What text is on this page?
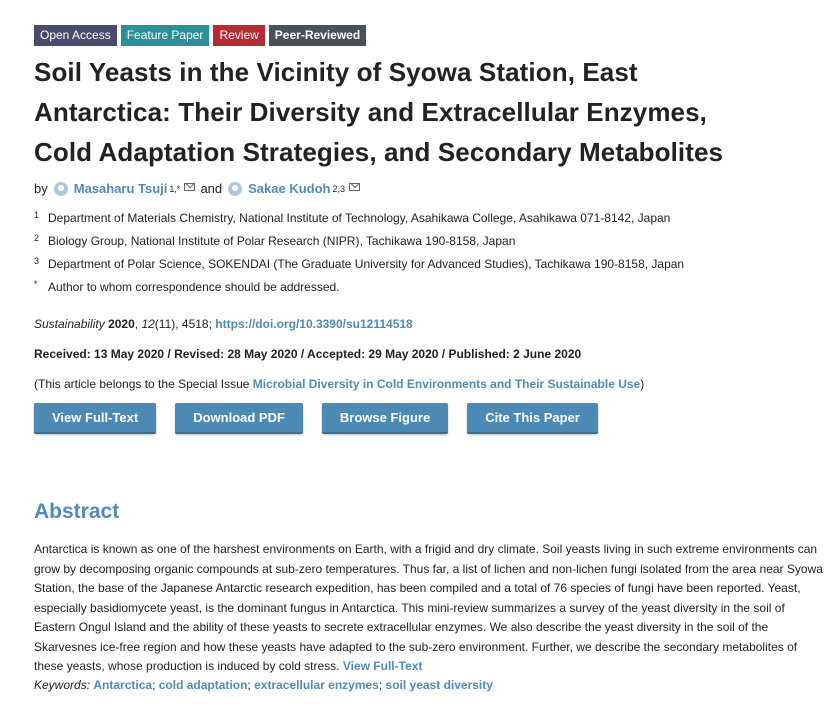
Open Access	Feature Paper	Review	Peer-Reviewed
Soil Yeasts in the Vicinity of Syowa Station, East
Antarctica: Their Diversity and Extracellular Enzymes,
Cold Adaptation Strategies, and Secondary Metabolites
by Masaharu Tsuji 1,* and Sakae Kudoh 2,3
1 Department of Materials Chemistry, National Institute of Technology, Asahikawa College, Asahikawa 071-8142, Japan
2 Biology Group, National Institute of Polar Research (NIPR), Tachikawa 190-8158, Japan
3 Department of Polar Science, SOKENDAI (The Graduate University for Advanced Studies), Tachikawa 190-8158, Japan
* Author to whom correspondence should be addressed.
Sustainability 2020, 12(11), 4518; https://doi.org/10.3390/su12114518
Received: 13 May 2020 / Revised: 28 May 2020 / Accepted: 29 May 2020 / Published: 2 June 2020
(This article belongs to the Special Issue Microbial Diversity in Cold Environments and Their Sustainable Use)
View Full-Text	Download PDF	Browse Figure	Cite This Paper
Abstract

Antarctica is known as one of the harshest environments on Earth, with a frigid and dry climate. Soil yeasts living in such extreme environments can grow by decomposing organic compounds at sub-zero temperatures. Thus far, a list of lichen and non-lichen fungi isolated from the area near Syowa Station, the base of the Japanese Antarctic research expedition, has been compiled and a total of 76 species of fungi have been reported. Yeast, especially basidiomycete yeast, is the dominant fungus in Antarctica. This mini-review summarizes a survey of the yeast diversity in the soil of Eastern Ongul Island and the ability of these yeasts to secrete extracellular enzymes. We also describe the yeast diversity in the soil of the Skarvesnes ice-free region and how these yeasts have adapted to the sub-zero environment. Further, we describe the secondary metabolites of these yeasts, whose production is induced by cold stress. View Full-Text

Keywords: Antarctica; cold adaptation; extracellular enzymes; soil yeast diversity
